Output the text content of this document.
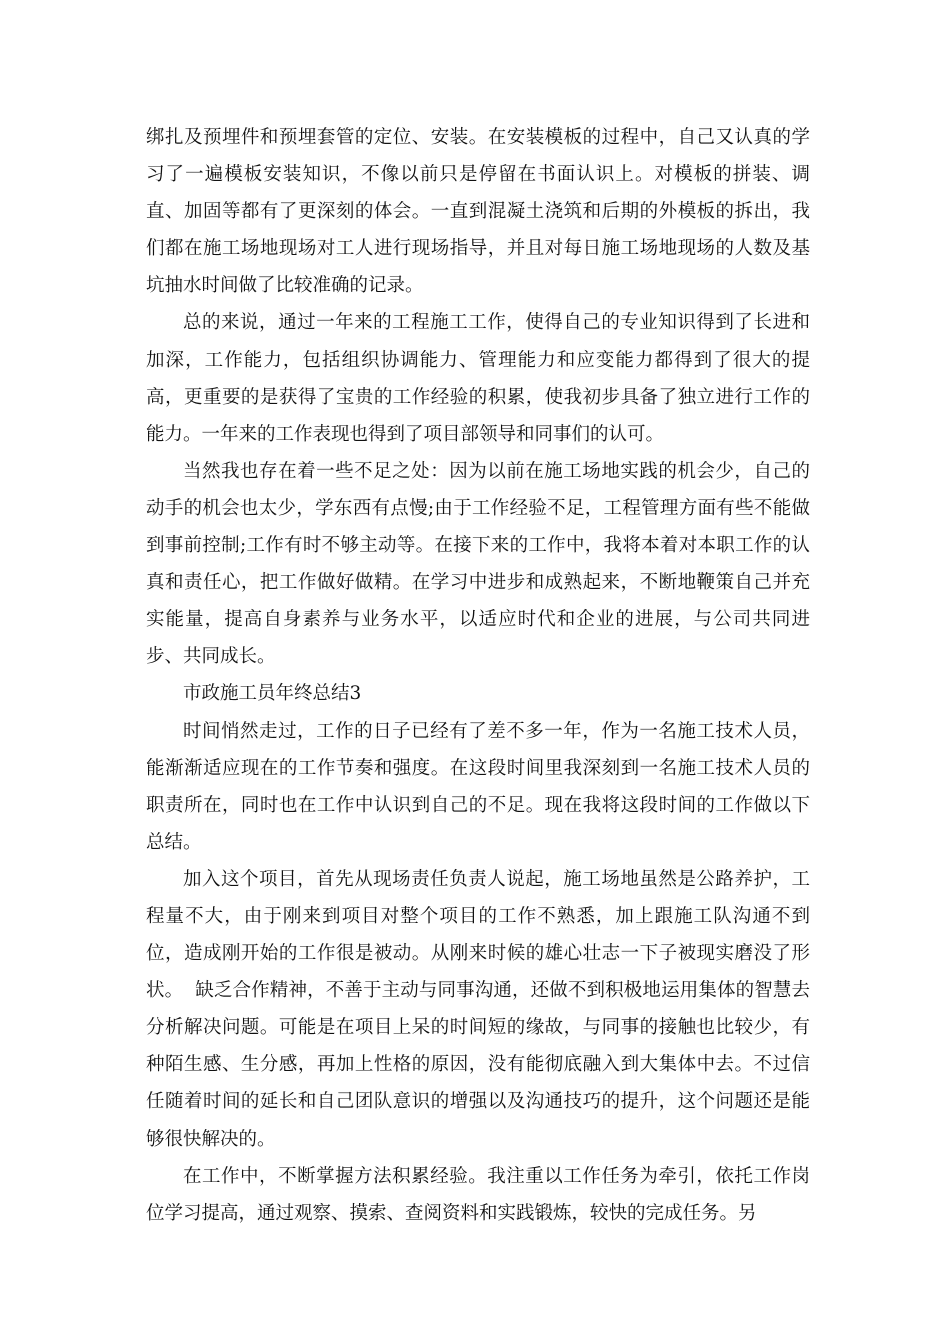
绑扎及预埋件和预埋套管的定位、安装。在安装模板的过程中，自己又认真的学习了一遍模板安装知识，不像以前只是停留在书面认识上。对模板的拼装、调直、加固等都有了更深刻的体会。一直到混凝土浇筑和后期的外模板的拆出，我们都在施工场地现场对工人进行现场指导，并且对每日施工场地现场的人数及基坑抽水时间做了比较准确的记录。

总的来说，通过一年来的工程施工工作，使得自己的专业知识得到了长进和加深，工作能力，包括组织协调能力、管理能力和应变能力都得到了很大的提高，更重要的是获得了宝贵的工作经验的积累，使我初步具备了独立进行工作的能力。一年来的工作表现也得到了项目部领导和同事们的认可。

当然我也存在着一些不足之处：因为以前在施工场地实践的机会少，自己的动手的机会也太少，学东西有点慢;由于工作经验不足，工程管理方面有些不能做到事前控制;工作有时不够主动等。在接下来的工作中，我将本着对本职工作的认真和责任心，把工作做好做精。在学习中进步和成熟起来，不断地鞭策自己并充实能量，提高自身素养与业务水平，以适应时代和企业的进展，与公司共同进步、共同成长。

市政施工员年终总结3

时间悄然走过，工作的日子已经有了差不多一年，作为一名施工技术人员，能渐渐适应现在的工作节奏和强度。在这段时间里我深刻到一名施工技术人员的职责所在，同时也在工作中认识到自己的不足。现在我将这段时间的工作做以下总结。

加入这个项目，首先从现场责任负责人说起，施工场地虽然是公路养护，工程量不大，由于刚来到项目对整个项目的工作不熟悉，加上跟施工队沟通不到位，造成刚开始的工作很是被动。从刚来时候的雄心壮志一下子被现实磨没了形状。  缺乏合作精神，不善于主动与同事沟通，还做不到积极地运用集体的智慧去分析解决问题。可能是在项目上呆的时间短的缘故，与同事的接触也比较少，有种陌生感、生分感，再加上性格的原因，没有能彻底融入到大集体中去。不过信任随着时间的延长和自己团队意识的增强以及沟通技巧的提升，这个问题还是能够很快解决的。

在工作中，不断掌握方法积累经验。我注重以工作任务为牵引，依托工作岗位学习提高，通过观察、摸索、查阅资料和实践锻炼，较快的完成任务。另
